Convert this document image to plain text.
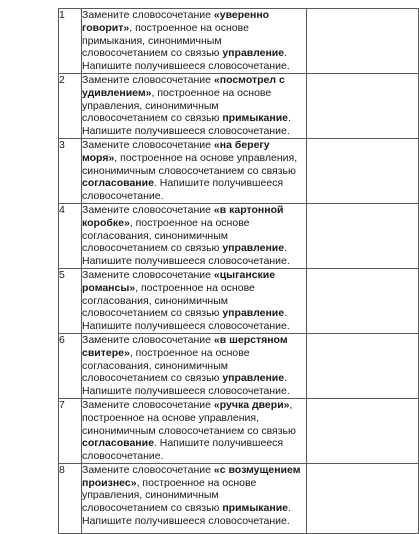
1	Замените словосочетание «уверенно говорит», построенное на основе примыкания, синонимичным словосочетанием со связью управление. Напишите получившееся словосочетание.	
2	Замените словосочетание «посмотрел с удивлением», построенное на основе управления, синонимичным словосочетанием со связью примыкание. Напишите получившееся словосочетание.	
3	Замените словосочетание «на берегу моря», построенное на основе управления, синонимичным словосочетанием со связью согласование. Напишите получившееся словосочетание.	
4	Замените словосочетание «в картонной коробке», построенное на основе согласования, синонимичным словосочетанием со связью управление. Напишите получившееся словосочетание.	
5	Замените словосочетание «цыганские романсы», построенное на основе согласования, синонимичным словосочетанием со связью управление. Напишите получившееся словосочетание.	
6	Замените словосочетание «в шерстяном свитере», построенное на основе согласования, синонимичным словосочетанием со связью управление. Напишите получившееся словосочетание.	
7	Замените словосочетание «ручка двери», построенное на основе управления, синонимичным словосочетанием со связью согласование. Напишите получившееся словосочетание.	
8	Замените словосочетание «с возмущением произнес», построенное на основе управления, синонимичным словосочетанием со связью примыкание. Напишите получившееся словосочетание.	
